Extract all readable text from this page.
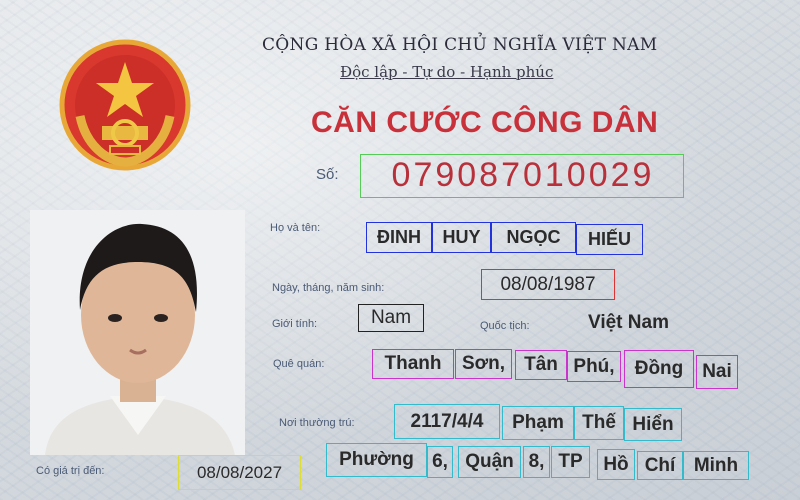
CỘNG HÒA XÃ HỘI CHỦ NGHĨA VIỆT NAM
Độc lập - Tự do - Hạnh phúc
CĂN CƯỚC CÔNG DÂN
Số:	079087010029
Họ và tên:	ĐINH	HUY	NGỌC	HIẾU
Ngày, tháng, năm sinh:	08/08/1987
Giới tính:	Nam	Quốc tịch:	Việt Nam
Quê quán:	Thanh	Sơn,	Tân Phú,	Đồng Nai
Nơi thường trú:	2117/4/4	Phạm Thế Hiển
Phường 6, Quận 8, TP	Hồ Chí Minh
Có giá trị đến:	08/08/2027
